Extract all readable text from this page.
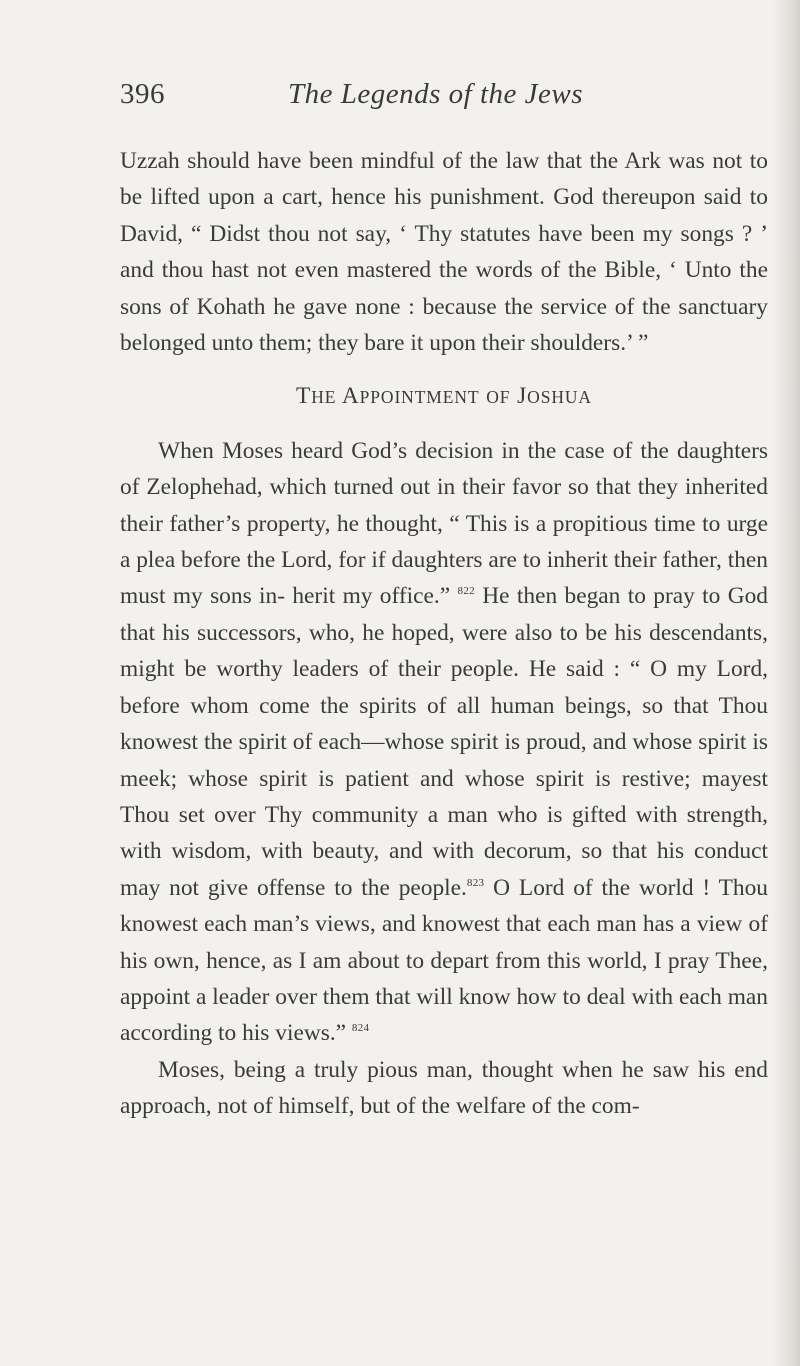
396	The Legends of the Jews

Uzzah should have been mindful of the law that the Ark was not to be lifted upon a cart, hence his punishment. God thereupon said to David, “ Didst thou not say, ‘ Thy statutes have been my songs ? ’ and thou hast not even mastered the words of the Bible, ‘ Unto the sons of Kohath he gave none : because the service of the sanctuary belonged unto them; they bare it upon their shoulders.’ ”

THE APPOINTMENT OF JOSHUA

When Moses heard God’s decision in the case of the daughters of Zelophehad, which turned out in their favor so that they inherited their father’s property, he thought, “ This is a propitious time to urge a plea before the Lord, for if daughters are to inherit their father, then must my sons in- herit my office.” $^{822}$ He then began to pray to God that his successors, who, he hoped, were also to be his descendants, might be worthy leaders of their people. He said : “ O my Lord, before whom come the spirits of all human beings, so that Thou knowest the spirit of each—whose spirit is proud, and whose spirit is meek; whose spirit is patient and whose spirit is restive; mayest Thou set over Thy community a man who is gifted with strength, with wisdom, with beauty, and with decorum, so that his conduct may not give offense to the people.$^{823}$ O Lord of the world ! Thou knowest each man’s views, and knowest that each man has a view of his own, hence, as I am about to depart from this world, I pray Thee, appoint a leader over them that will know how to deal with each man according to his views.” $^{824}$

Moses, being a truly pious man, thought when he saw his end approach, not of himself, but of the welfare of the com-
